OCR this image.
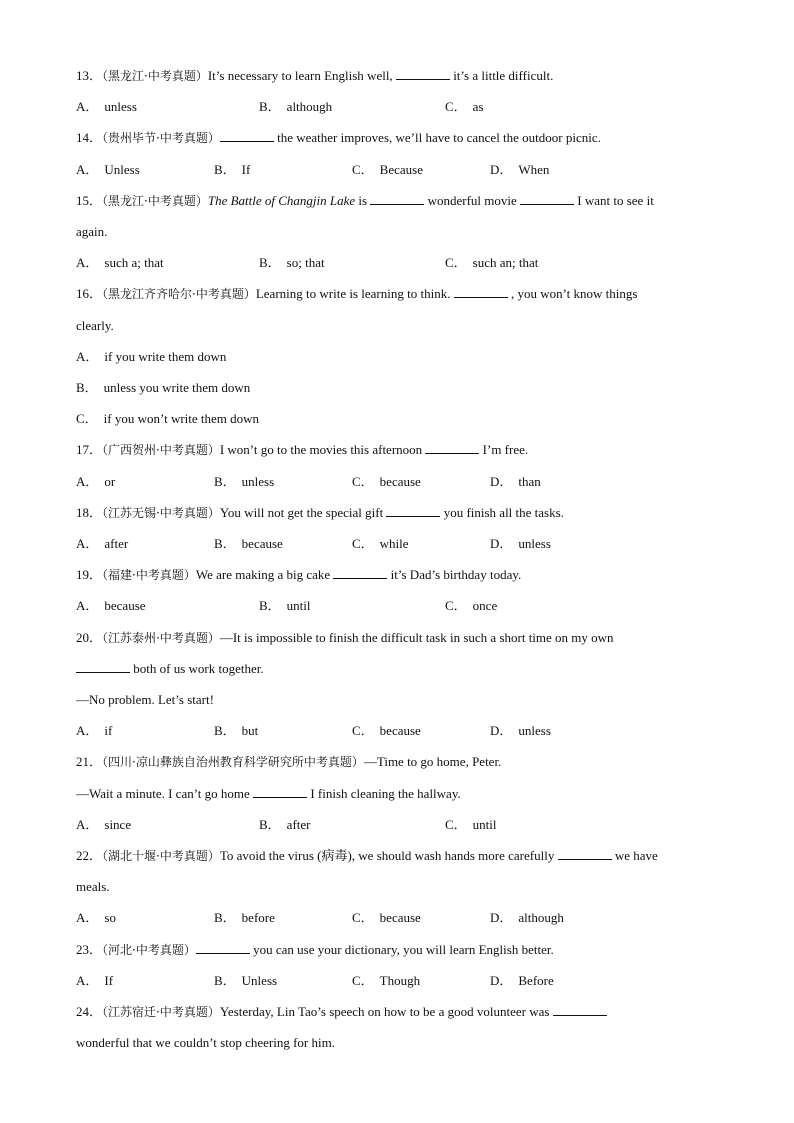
13．（黑龙江·中考真题）It’s necessary to learn English well,	it’s a little difficult.
A． unless	B． although	C． as
14．（贵州毕节·中考真题）	the weather improves, we’ll have to cancel the outdoor picnic.
A． Unless	B． If	C． Because	D． When
15．（黑龙江·中考真题）The Battle of Changjin Lake is	wonderful movie	I want to see it
again.
A． such a; that	B． so; that	C． such an; that
16．（黑龙江齐齐哈尔·中考真题）Learning to write is learning to think.	, you won’t know things
clearly.
A． if you write them down
B． unless you write them down
C． if you won’t write them down
17．（广西贺州·中考真题）I won’t go to the movies this afternoon	I’m free.
A． or	B． unless	C． because	D． than
18．（江苏无锡·中考真题）You will not get the special gift	you finish all the tasks.
A． after	B． because	C． while	D． unless
19．（福建·中考真题）We are making a big cake	it’s Dad’s birthday today.
A． because	B． until	C． once
20．（江苏泰州·中考真题）—It is impossible to finish the difficult task in such a short time on my own
both of us work together.
—No problem. Let’s start!
A． if	B． but	C． because	D． unless
21．（四川·凉山彝族自治州教育科学研究所中考真题）—Time to go home, Peter.
—Wait a minute. I can’t go home	I finish cleaning the hallway.
A． since	B． after	C． until
22．（湖北十堰·中考真题）To avoid the virus (病毒), we should wash hands more carefully	we have
meals.
A． so	B． before	C． because	D． although
23．（河北·中考真题）	you can use your dictionary, you will learn English better.
A． If	B． Unless	C． Though	D． Before
24．（江苏宿迁·中考真题）Yesterday, Lin Tao’s speech on how to be a good volunteer was
wonderful that we couldn’t stop cheering for him.
